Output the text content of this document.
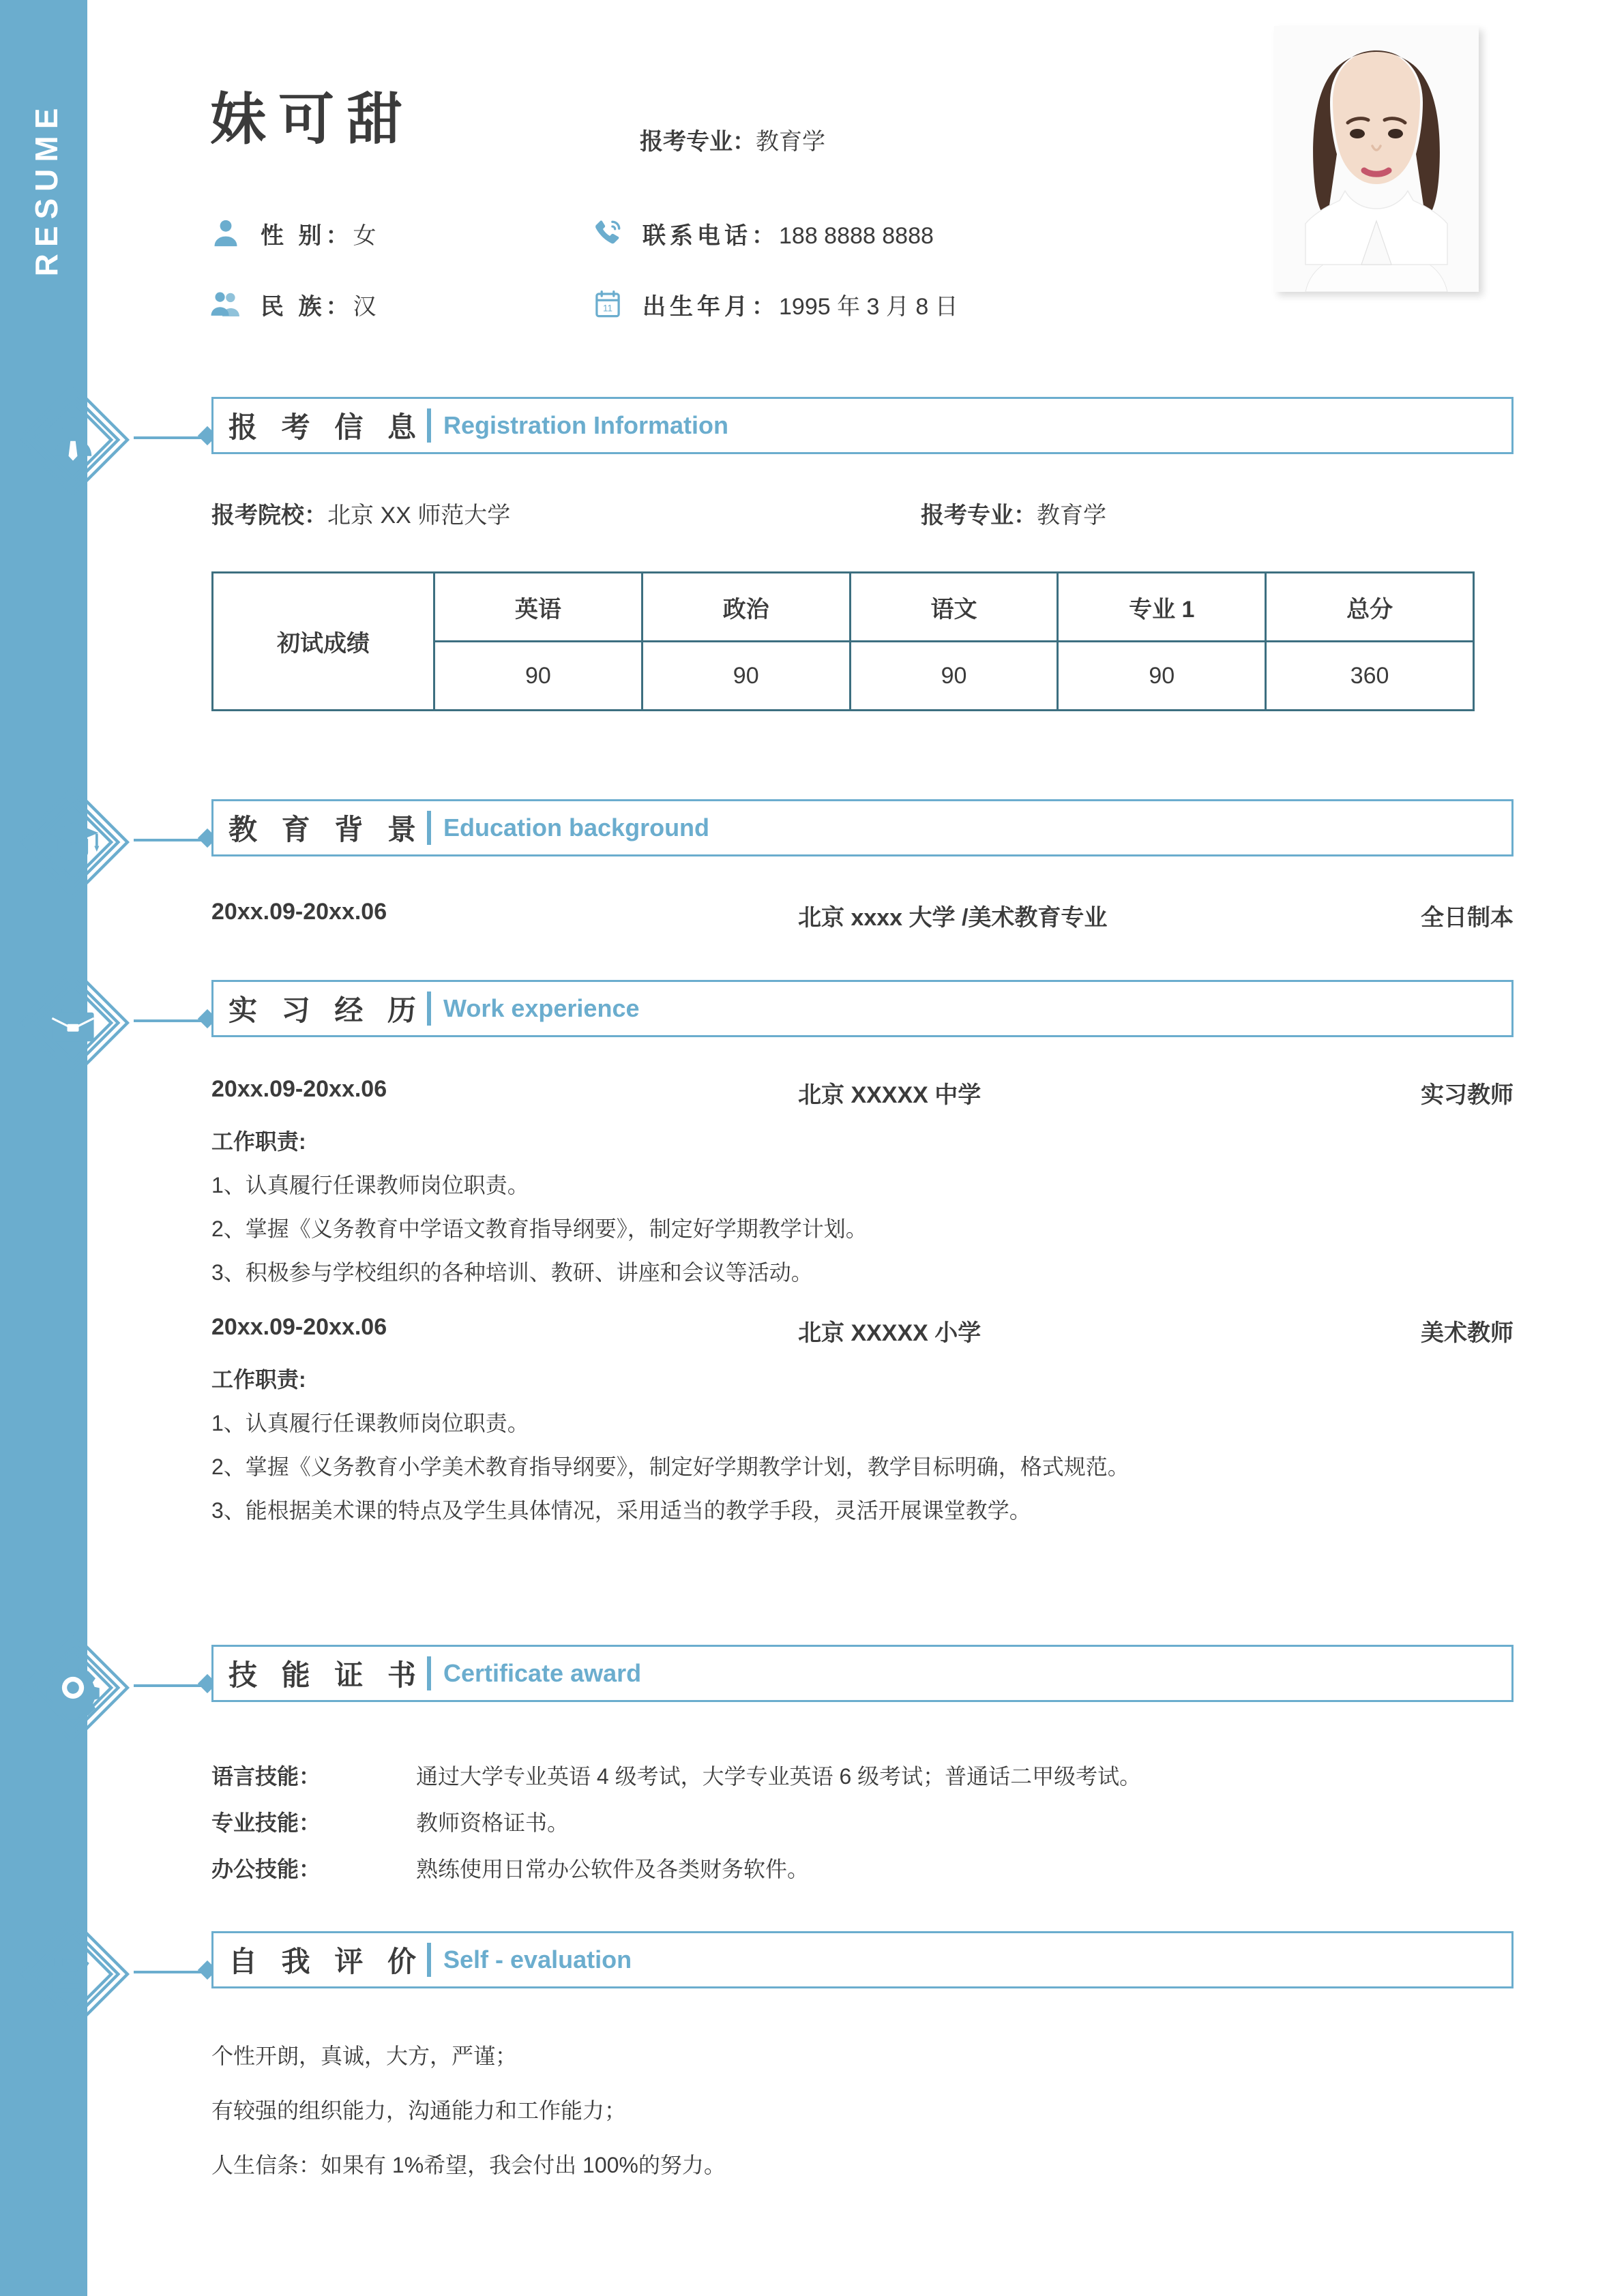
RESUME	妹可甜	报考专业：教育学
性 别：女	联系电话：188 8888 8888
民 族：汉	11 出生年月：1995 年 3 月 8 日
报 考 信 息 Registration Information
报考院校：北京 XX 师范大学	报考专业：教育学
初试成绩	英语	政治	语文	专业 1	总分
	90	90	90	90	360
教 育 背 景 Education background
20xx.09-20xx.06	北京 xxxx 大学 /美术教育专业	全日制本
实 习 经 历 Work experience
20xx.09-20xx.06	北京 XXXXX 中学	实习教师
工作职责:
1、认真履行任课教师岗位职责。
2、掌握《义务教育中学语文教育指导纲要》，制定好学期教学计划。
3、积极参与学校组织的各种培训、教研、讲座和会议等活动。
20xx.09-20xx.06	北京 XXXXX 小学	美术教师
工作职责:
1、认真履行任课教师岗位职责。
2、掌握《义务教育小学美术教育指导纲要》，制定好学期教学计划，教学目标明确，格式规范。
3、能根据美术课的特点及学生具体情况，采用适当的教学手段，灵活开展课堂教学。
技 能 证 书 Certificate award
语言技能：	通过大学专业英语 4 级考试，大学专业英语 6 级考试；普通话二甲级考试。
专业技能：	教师资格证书。
办公技能：	熟练使用日常办公软件及各类财务软件。
自 我 评 价 Self - evaluation
个性开朗，真诚，大方，严谨；
有较强的组织能力，沟通能力和工作能力；
人生信条：如果有 1%希望，我会付出 100%的努力。
